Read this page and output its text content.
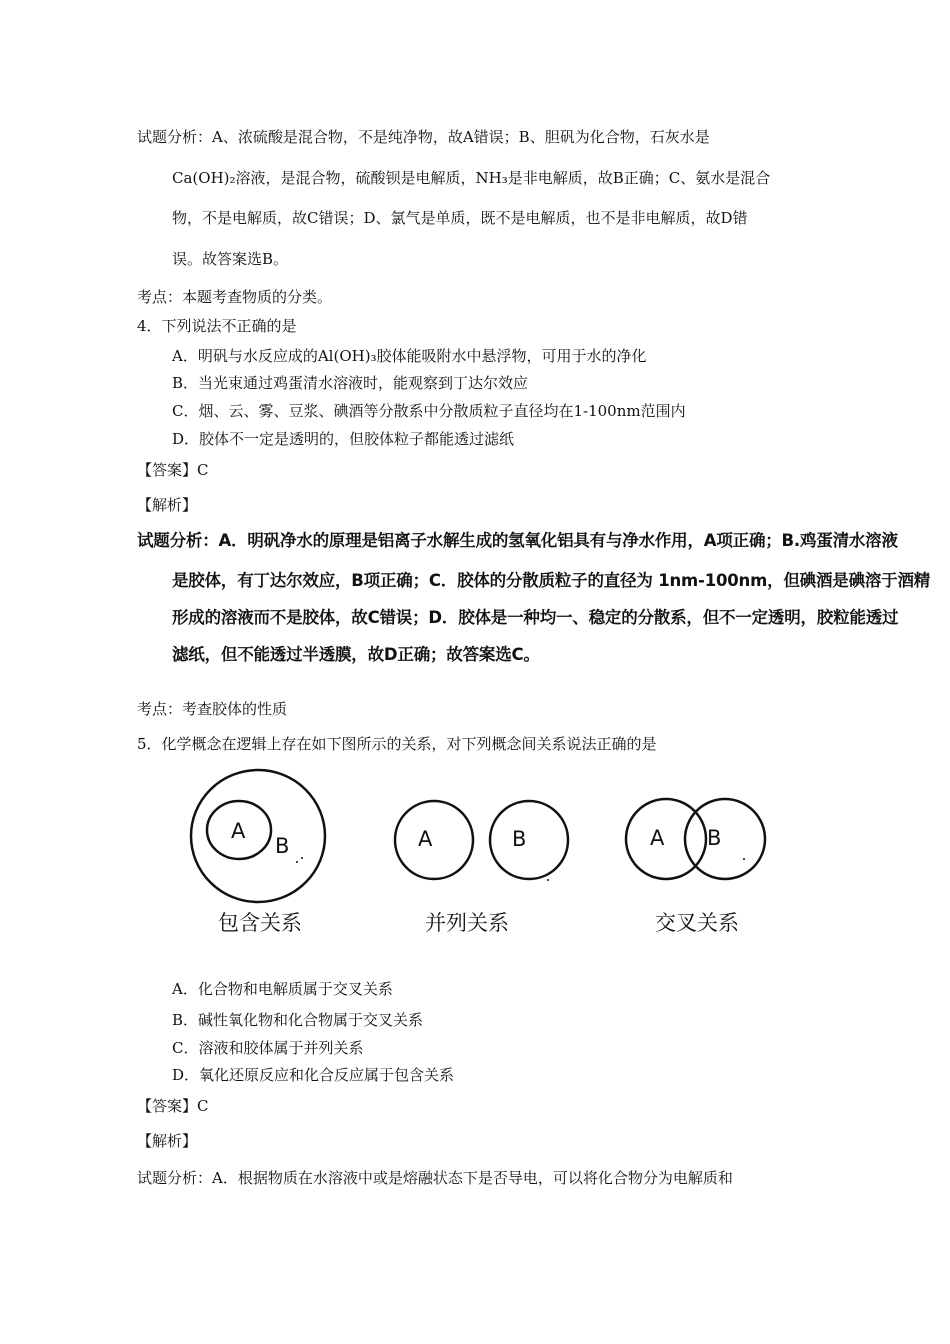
试题分析：A、浓硫酸是混合物，不是纯净物，故A错误；B、胆矾为化合物，石灰水是
Ca(OH)₂溶液，是混合物，硫酸钡是电解质，NH₃是非电解质，故B正确；C、氨水是混合
物，不是电解质，故C错误；D、氯气是单质，既不是电解质，也不是非电解质，故D错
误。故答案选B。
考点：本题考查物质的分类。
4．下列说法不正确的是
A．明矾与水反应成的Al(OH)₃胶体能吸附水中悬浮物，可用于水的净化
B．当光束通过鸡蛋清水溶液时，能观察到丁达尔效应
C．烟、云、雾、豆浆、碘酒等分散系中分散质粒子直径均在1-100nm范围内
D．胶体不一定是透明的，但胶体粒子都能透过滤纸
【答案】C
【解析】
试题分析：A．明矾净水的原理是铝离子水解生成的氢氧化铝具有与净水作用，A项正确；B.鸡蛋清水溶液
是胶体，有丁达尔效应，B项正确；C．胶体的分散质粒子的直径为 1nm-100nm，但碘酒是碘溶于酒精
形成的溶液而不是胶体，故C错误；D．胶体是一种均一、稳定的分散系，但不一定透明，胶粒能透过
滤纸，但不能透过半透膜，故D正确；故答案选C。
考点：考查胶体的性质
5．化学概念在逻辑上存在如下图所示的关系，对下列概念间关系说法正确的是
A
B	A	B	A B
包含关系	并列关系	交叉关系
A．化合物和电解质属于交叉关系
B．碱性氧化物和化合物属于交叉关系
C．溶液和胶体属于并列关系
D．氧化还原反应和化合反应属于包含关系
【答案】C
【解析】
试题分析：A．根据物质在水溶液中或是熔融状态下是否导电，可以将化合物分为电解质和
